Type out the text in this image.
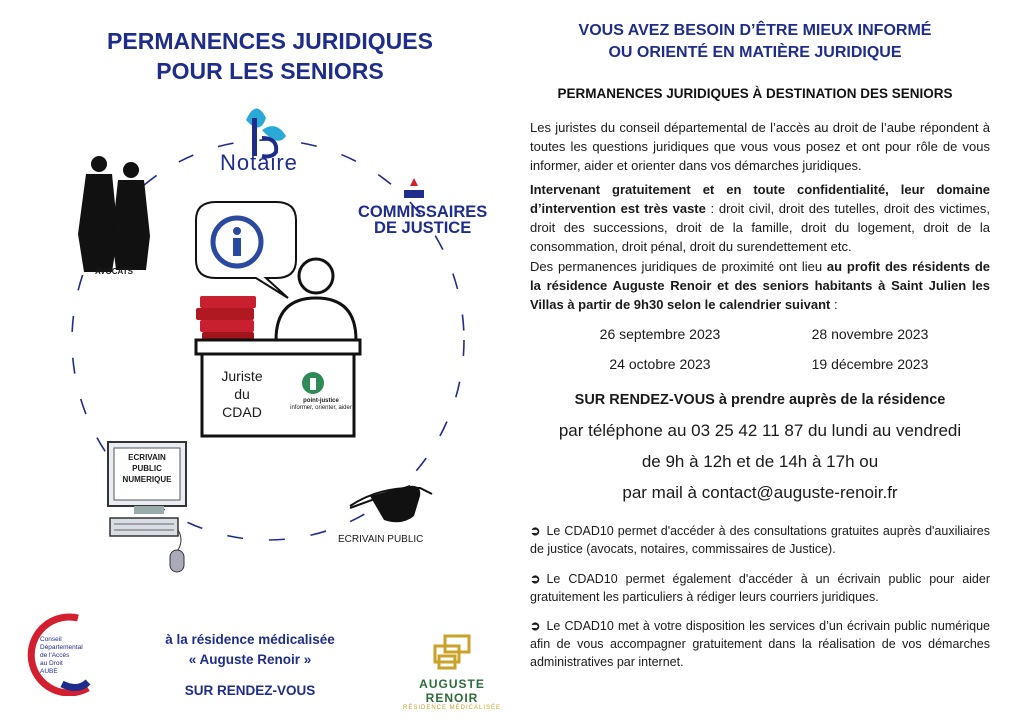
PERMANENCES JURIDIQUES
POUR LES SENIORS
Notaire
COMMISSAIRES
DE JUSTICE
AVOCATS
Juriste
du
CDAD
point-justice
informer, orienter, aider
ECRIVAIN
PUBLIC
NUMERIQUE
ECRIVAIN PUBLIC
Conseil
Départemental
de l'Accès
au Droit
AUBE
à la résidence médicalisée
« Auguste Renoir »
SUR RENDEZ-VOUS	AUGUSTE RENOIR
RÉSIDENCE MÉDICALISÉE
VOUS AVEZ BESOIN D’ÊTRE MIEUX INFORMÉ
OU ORIENTÉ EN MATIÈRE JURIDIQUE
PERMANENCES JURIDIQUES À DESTINATION DES SENIORS
Les juristes du conseil départemental de l’accès au droit de l’aube répondent à toutes les questions juridiques que vous vous posez et ont pour rôle de vous informer, aider et orienter dans vos démarches juridiques.
Intervenant gratuitement et en toute confidentialité, leur domaine d’intervention est très vaste : droit civil, droit des tutelles, droit des victimes, droit des successions, droit de la famille, droit du logement, droit de la consommation, droit pénal, droit du surendettement etc.
Des permanences juridiques de proximité ont lieu au profit des résidents de la résidence Auguste Renoir et des seniors habitants à Saint Julien les Villas à partir de 9h30 selon le calendrier suivant :
26 septembre 2023	28 novembre 2023
24 octobre 2023	19 décembre 2023
SUR RENDEZ-VOUS à prendre auprès de la résidence
par téléphone au 03 25 42 11 87 du lundi au vendredi
de 9h à 12h et de 14h à 17h ou
par mail à contact@auguste-renoir.fr
➲ Le CDAD10 permet d'accéder à des consultations gratuites auprès d'auxiliaires de justice (avocats, notaires, commissaires de Justice).
➲ Le CDAD10 permet également d'accéder à un écrivain public pour aider gratuitement les particuliers à rédiger leurs courriers juridiques.
➲ Le CDAD10 met à votre disposition les services d’un écrivain public numérique afin de vous accompagner gratuitement dans la réalisation de vos démarches administratives par internet.
